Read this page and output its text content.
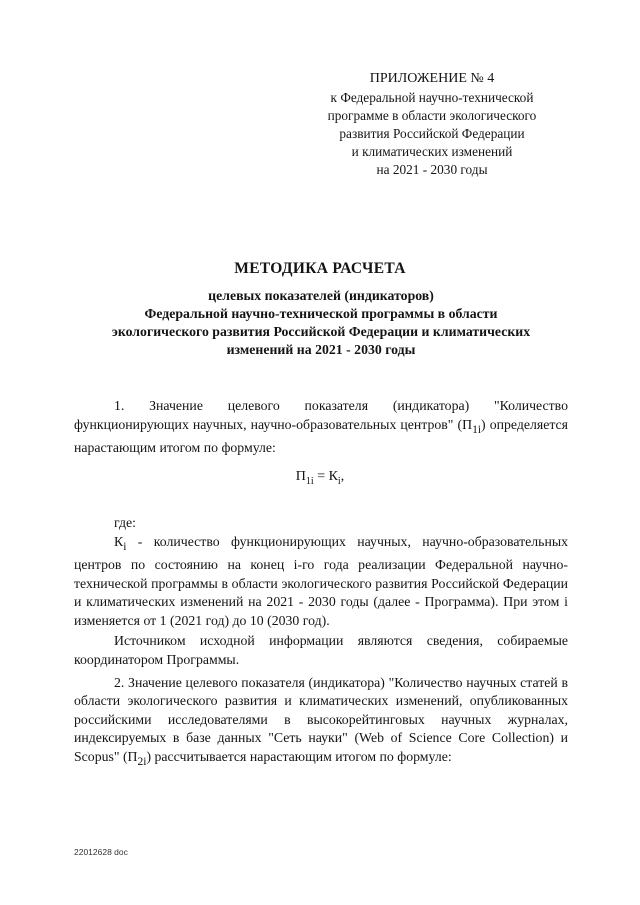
ПРИЛОЖЕНИЕ № 4
к Федеральной научно-технической
программе в области экологического
развития Российской Федерации
и климатических изменений
на 2021 - 2030 годы
МЕТОДИКА РАСЧЕТА
целевых показателей (индикаторов)
Федеральной научно-технической программы в области
экологического развития Российской Федерации и климатических
изменений на 2021 - 2030 годы

1. Значение целевого показателя (индикатора) "Количество функционирующих научных, научно-образовательных центров" $(П_{1i})$ определяется нарастающим итогом по формуле:

$П_{1i} = К_i$,

где:

$К_i$ - количество функционирующих научных, научно-образовательных центров по состоянию на конец i-го года реализации Федеральной научно-технической программы в области экологического развития Российской Федерации и климатических изменений на 2021 - 2030 годы (далее - Программа). При этом i изменяется от 1 (2021 год) до 10 (2030 год).

Источником исходной информации являются сведения, собираемые координатором Программы.

2. Значение целевого показателя (индикатора) "Количество научных статей в области экологического развития и климатических изменений, опубликованных российскими исследователями в высокорейтинговых научных журналах, индексируемых в базе данных "Сеть науки" (Web of Science Core Collection) и Scopus" $(П_{2i})$ рассчитывается нарастающим итогом по формуле:

22012628 doc
